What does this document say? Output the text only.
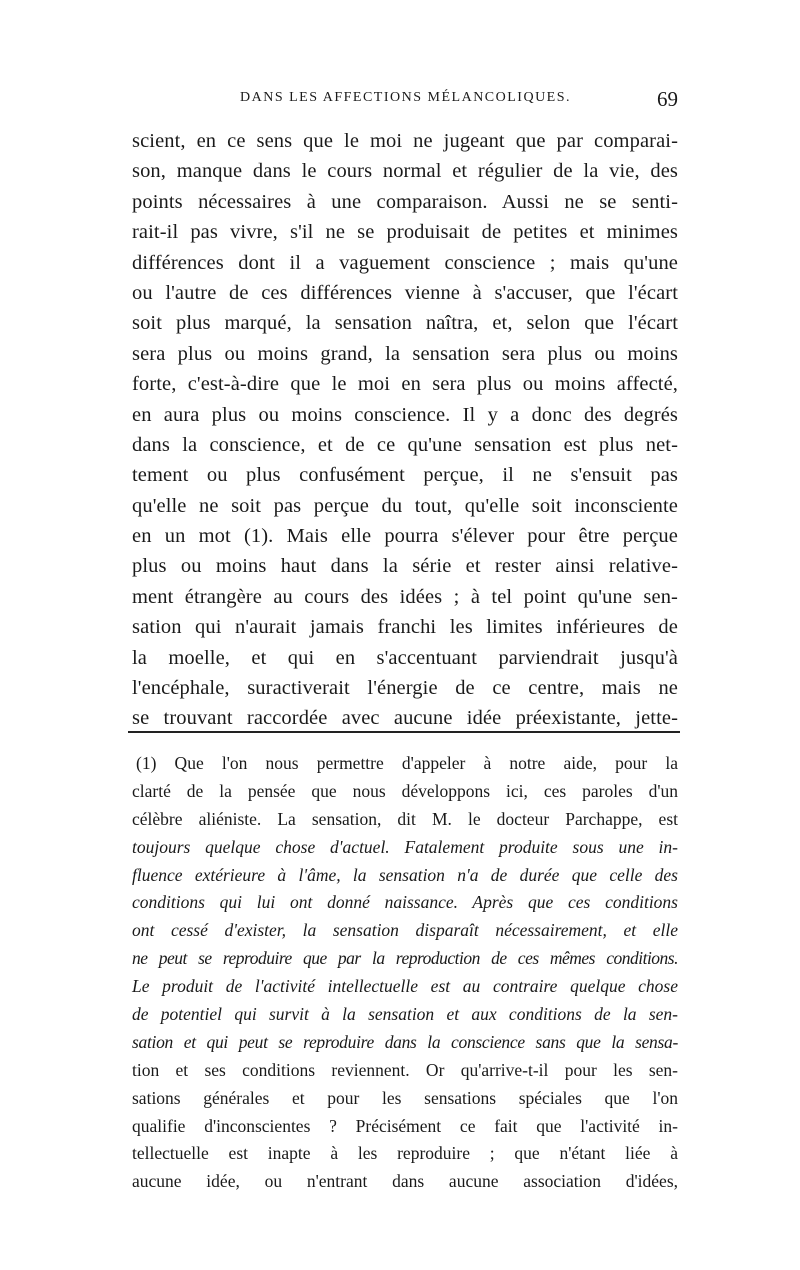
DANS LES AFFECTIONS MÉLANCOLIQUES.	69
scient, en ce sens que le moi ne jugeant que par comparai-
son, manque dans le cours normal et régulier de la vie, des
points nécessaires à une comparaison. Aussi ne se senti-
rait-il pas vivre, s'il ne se produisait de petites et minimes
différences dont il a vaguement conscience ; mais qu'une
ou l'autre de ces différences vienne à s'accuser, que l'écart
soit plus marqué, la sensation naîtra, et, selon que l'écart
sera plus ou moins grand, la sensation sera plus ou moins
forte, c'est-à-dire que le moi en sera plus ou moins affecté,
en aura plus ou moins conscience. Il y a donc des degrés
dans la conscience, et de ce qu'une sensation est plus net-
tement ou plus confusément perçue, il ne s'ensuit pas
qu'elle ne soit pas perçue du tout, qu'elle soit inconsciente
en un mot (1). Mais elle pourra s'élever pour être perçue
plus ou moins haut dans la série et rester ainsi relative-
ment étrangère au cours des idées ; à tel point qu'une sen-
sation qui n'aurait jamais franchi les limites inférieures de
la moelle, et qui en s'accentuant parviendrait jusqu'à
l'encéphale, suractiverait l'énergie de ce centre, mais ne
se trouvant raccordée avec aucune idée préexistante, jette-
(1) Que l'on nous permettre d'appeler à notre aide, pour la
clarté de la pensée que nous développons ici, ces paroles d'un
célèbre aliéniste. La sensation, dit M. le docteur Parchappe, est
toujours quelque chose d'actuel. Fatalement produite sous une in-
fluence extérieure à l'âme, la sensation n'a de durée que celle des
conditions qui lui ont donné naissance. Après que ces conditions
ont cessé d'exister, la sensation disparaît nécessairement, et elle
ne peut se reproduire que par la reproduction de ces mêmes conditions.
Le produit de l'activité intellectuelle est au contraire quelque chose
de potentiel qui survit à la sensation et aux conditions de la sen-
sation et qui peut se reproduire dans la conscience sans que la sensa-
tion et ses conditions reviennent. Or qu'arrive-t-il pour les sen-
sations générales et pour les sensations spéciales que l'on
qualifie d'inconscientes ? Précisément ce fait que l'activité in-
tellectuelle est inapte à les reproduire ; que n'étant liée à
aucune idée, ou n'entrant dans aucune association d'idées,
